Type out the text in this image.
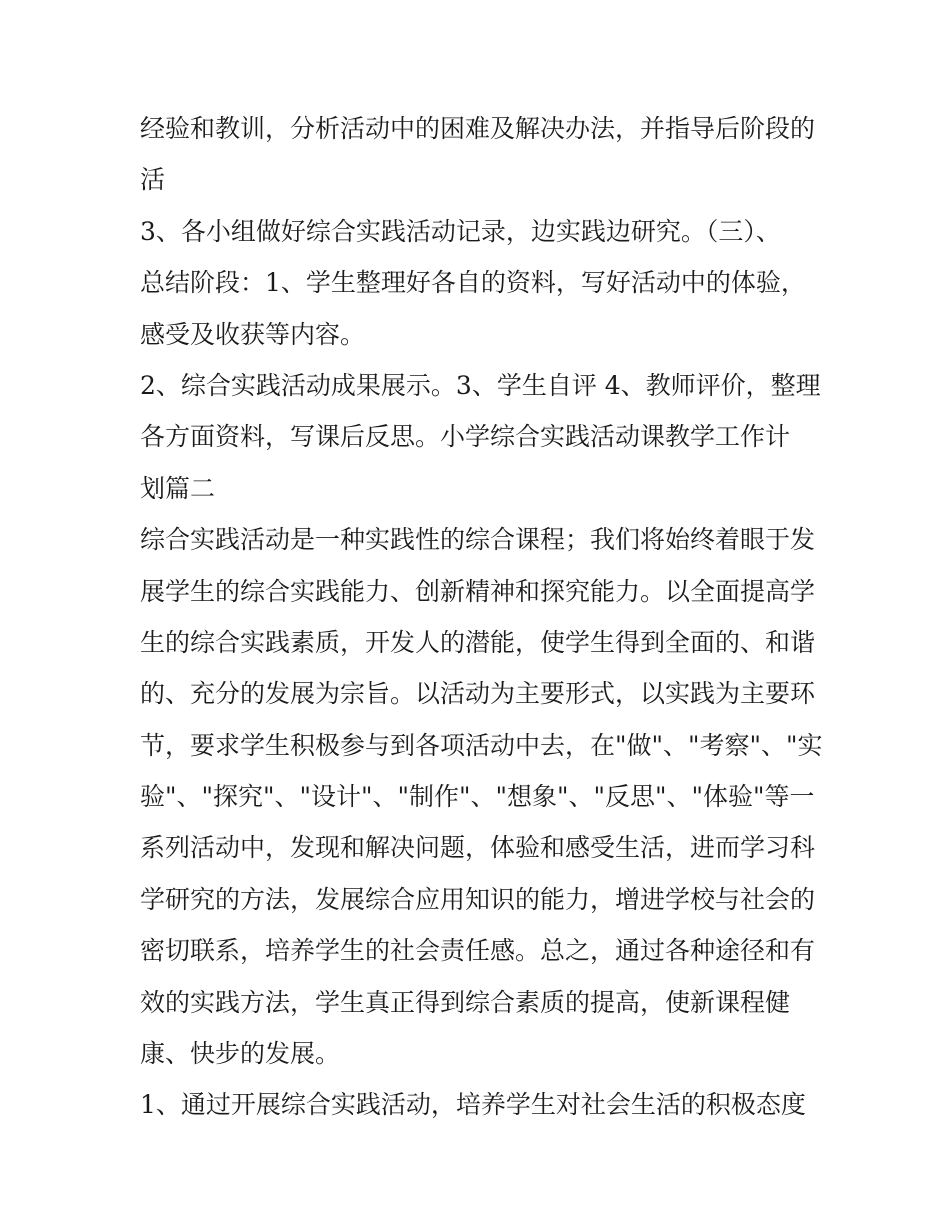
经验和教训，分析活动中的困难及解决办法，并指导后阶段的
活
3、各小组做好综合实践活动记录，边实践边研究。（三）、
总结阶段：1、学生整理好各自的资料，写好活动中的体验，
感受及收获等内容。
2、综合实践活动成果展示。3、学生自评 4、教师评价，整理
各方面资料，写课后反思。小学综合实践活动课教学工作计
划篇二
综合实践活动是一种实践性的综合课程；我们将始终着眼于发
展学生的综合实践能力、创新精神和探究能力。以全面提高学
生的综合实践素质，开发人的潜能，使学生得到全面的、和谐
的、充分的发展为宗旨。以活动为主要形式，以实践为主要环
节，要求学生积极参与到各项活动中去，在"做"、"考察"、"实
验"、"探究"、"设计"、"制作"、"想象"、"反思"、"体验"等一
系列活动中，发现和解决问题，体验和感受生活，进而学习科
学研究的方法，发展综合应用知识的能力，增进学校与社会的
密切联系，培养学生的社会责任感。总之，通过各种途径和有
效的实践方法，学生真正得到综合素质的提高，使新课程健
康、快步的发展。
1、通过开展综合实践活动，培养学生对社会生活的积极态度
